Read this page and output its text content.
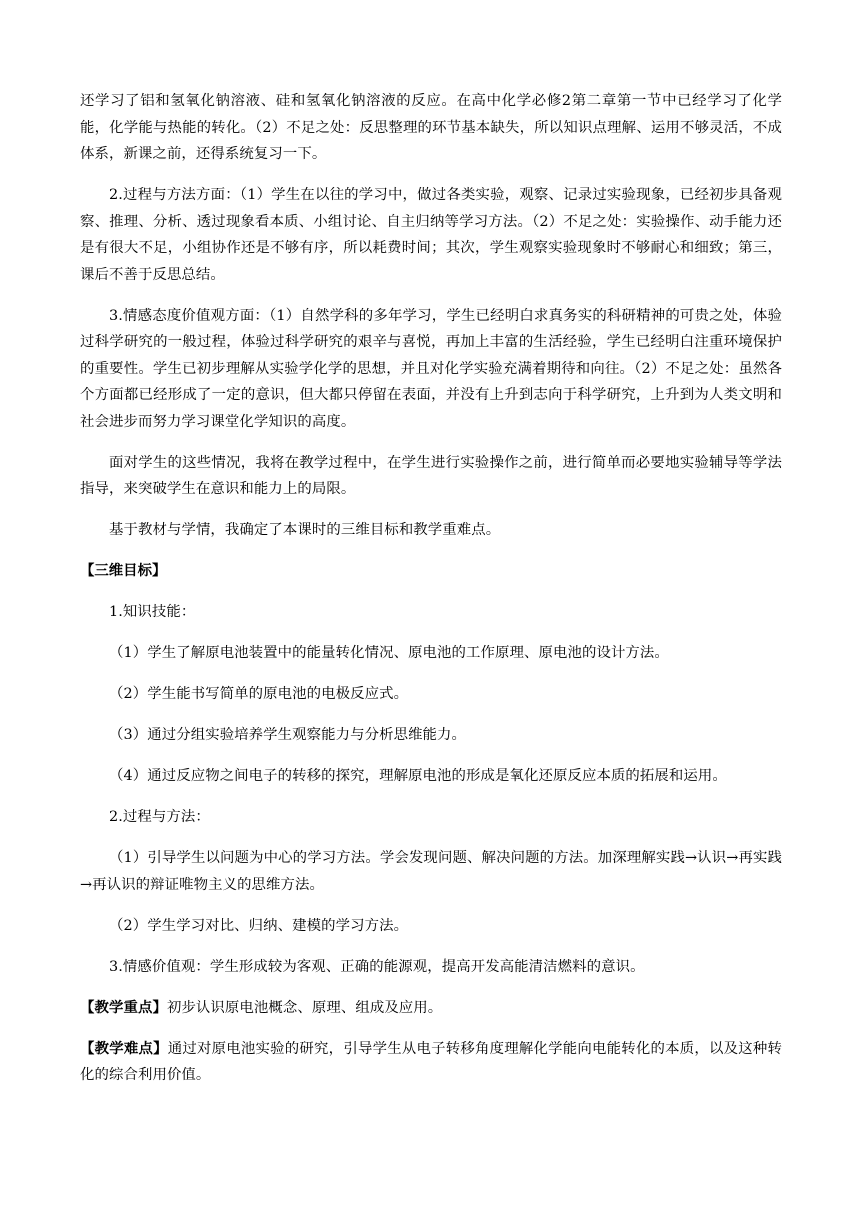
还学习了铝和氢氧化钠溶液、硅和氢氧化钠溶液的反应。在高中化学必修2第二章第一节中已经学习了化学能，化学能与热能的转化。（2）不足之处：反思整理的环节基本缺失，所以知识点理解、运用不够灵活，不成体系，新课之前，还得系统复习一下。

2.过程与方法方面：（1）学生在以往的学习中，做过各类实验，观察、记录过实验现象，已经初步具备观察、推理、分析、透过现象看本质、小组讨论、自主归纳等学习方法。（2）不足之处：实验操作、动手能力还是有很大不足，小组协作还是不够有序，所以耗费时间；其次，学生观察实验现象时不够耐心和细致；第三，课后不善于反思总结。

3.情感态度价值观方面：（1）自然学科的多年学习，学生已经明白求真务实的科研精神的可贵之处，体验过科学研究的一般过程，体验过科学研究的艰辛与喜悦，再加上丰富的生活经验，学生已经明白注重环境保护的重要性。学生已初步理解从实验学化学的思想，并且对化学实验充满着期待和向往。（2）不足之处：虽然各个方面都已经形成了一定的意识，但大都只停留在表面，并没有上升到志向于科学研究，上升到为人类文明和社会进步而努力学习课堂化学知识的高度。

面对学生的这些情况，我将在教学过程中，在学生进行实验操作之前，进行简单而必要地实验辅导等学法指导，来突破学生在意识和能力上的局限。

基于教材与学情，我确定了本课时的三维目标和教学重难点。

【三维目标】

1.知识技能：

（1）学生了解原电池装置中的能量转化情况、原电池的工作原理、原电池的设计方法。

（2）学生能书写简单的原电池的电极反应式。

（3）通过分组实验培养学生观察能力与分析思维能力。

（4）通过反应物之间电子的转移的探究，理解原电池的形成是氧化还原反应本质的拓展和运用。

2.过程与方法：

（1）引导学生以问题为中心的学习方法。学会发现问题、解决问题的方法。加深理解实践→认识→再实践→再认识的辩证唯物主义的思维方法。

（2）学生学习对比、归纳、建模的学习方法。

3.情感价值观：学生形成较为客观、正确的能源观，提高开发高能清洁燃料的意识。

【教学重点】初步认识原电池概念、原理、组成及应用。

【教学难点】通过对原电池实验的研究，引导学生从电子转移角度理解化学能向电能转化的本质，以及这种转化的综合利用价值。
